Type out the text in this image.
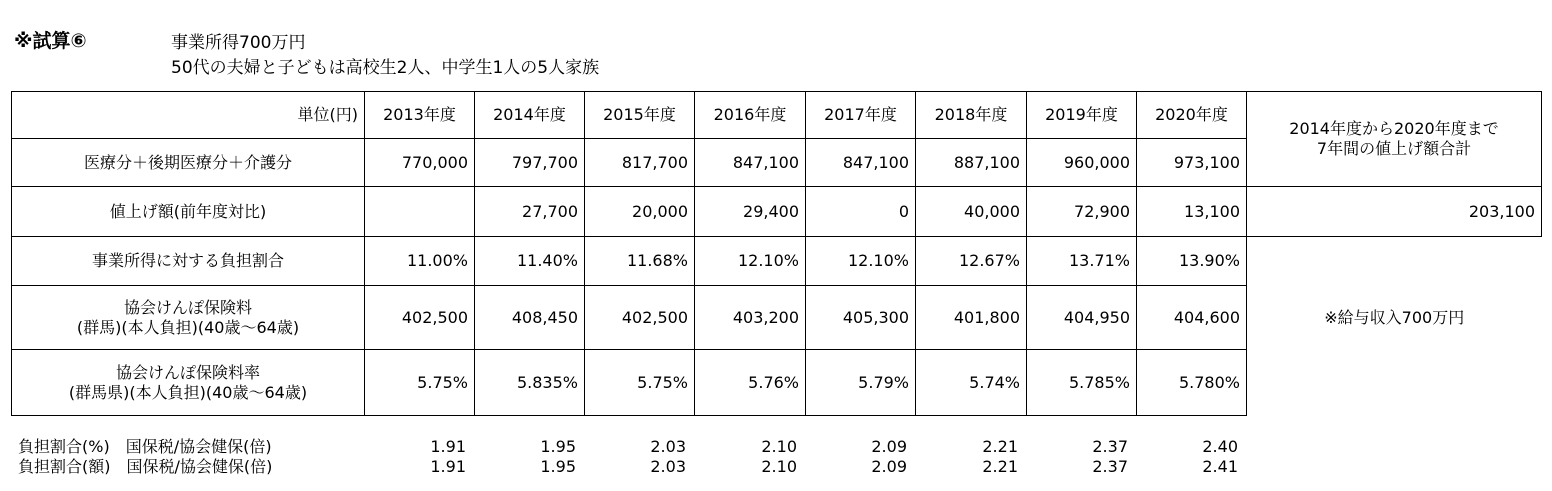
※試算⑥	事業所得700万円
50代の夫婦と子どもは高校生2人、中学生1人の5人家族
単位(円)	2013年度	2014年度	2015年度	2016年度	2017年度	2018年度	2019年度	2020年度	2014年度から2020年度まで
7年間の値上げ額合計

医療分＋後期医療分＋介護分	770,000	797,700	817,700	847,100	847,100	887,100	960,000	973,100	
値上げ額(前年度対比)		27,700	20,000	29,400	0	40,000	72,900	13,100	203,100
事業所得に対する負担割合	11.00%	11.40%	11.68%	12.10%	12.10%	12.67%	13.71%	13.90%	

協会けんぽ保険料
(群馬)(本人負担)(40歳～64歳)	402,500	408,450	402,500	403,200	405,300	401,800	404,950	404,600	※給与収入700万円

協会けんぽ保険料率
(群馬県)(本人負担)(40歳～64歳)	5.75%	5.835%	5.75%	5.76%	5.79%	5.74%	5.785%	5.780%	
負担割合(%)　国保税/協会健保(倍)	1.91	1.95	2.03	2.10	2.09	2.21	2.37	2.40
負担割合(額)　国保税/協会健保(倍)	1.91	1.95	2.03	2.10	2.09	2.21	2.37	2.41
